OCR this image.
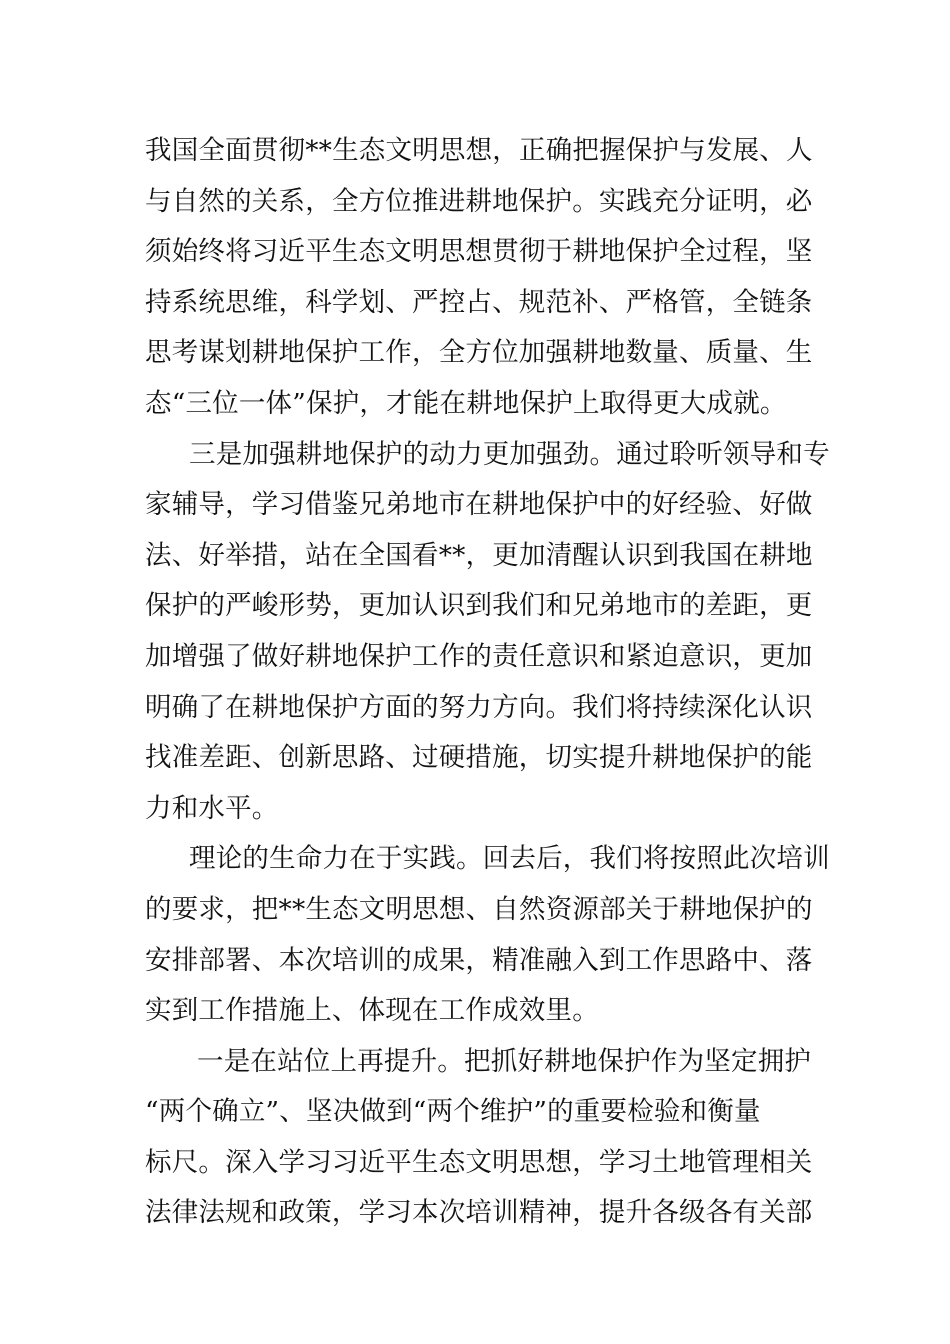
我国全面贯彻**生态文明思想，正确把握保护与发展、人
与自然的关系，全方位推进耕地保护。实践充分证明，必
须始终将习近平生态文明思想贯彻于耕地保护全过程，坚
持系统思维，科学划、严控占、规范补、严格管，全链条
思考谋划耕地保护工作，全方位加强耕地数量、质量、生
态“三位一体”保护，才能在耕地保护上取得更大成就。
三是加强耕地保护的动力更加强劲。通过聆听领导和专
家辅导，学习借鉴兄弟地市在耕地保护中的好经验、好做
法、好举措，站在全国看**，更加清醒认识到我国在耕地
保护的严峻形势，更加认识到我们和兄弟地市的差距，更
加增强了做好耕地保护工作的责任意识和紧迫意识，更加
明确了在耕地保护方面的努力方向。我们将持续深化认识
找准差距、创新思路、过硬措施，切实提升耕地保护的能
力和水平。
理论的生命力在于实践。回去后，我们将按照此次培训
的要求，把**生态文明思想、自然资源部关于耕地保护的
安排部署、本次培训的成果，精准融入到工作思路中、落
实到工作措施上、体现在工作成效里。
一是在站位上再提升。把抓好耕地保护作为坚定拥护
“两个确立”、坚决做到“两个维护”的重要检验和衡量
标尺。深入学习习近平生态文明思想，学习土地管理相关
法律法规和政策，学习本次培训精神，提升各级各有关部
